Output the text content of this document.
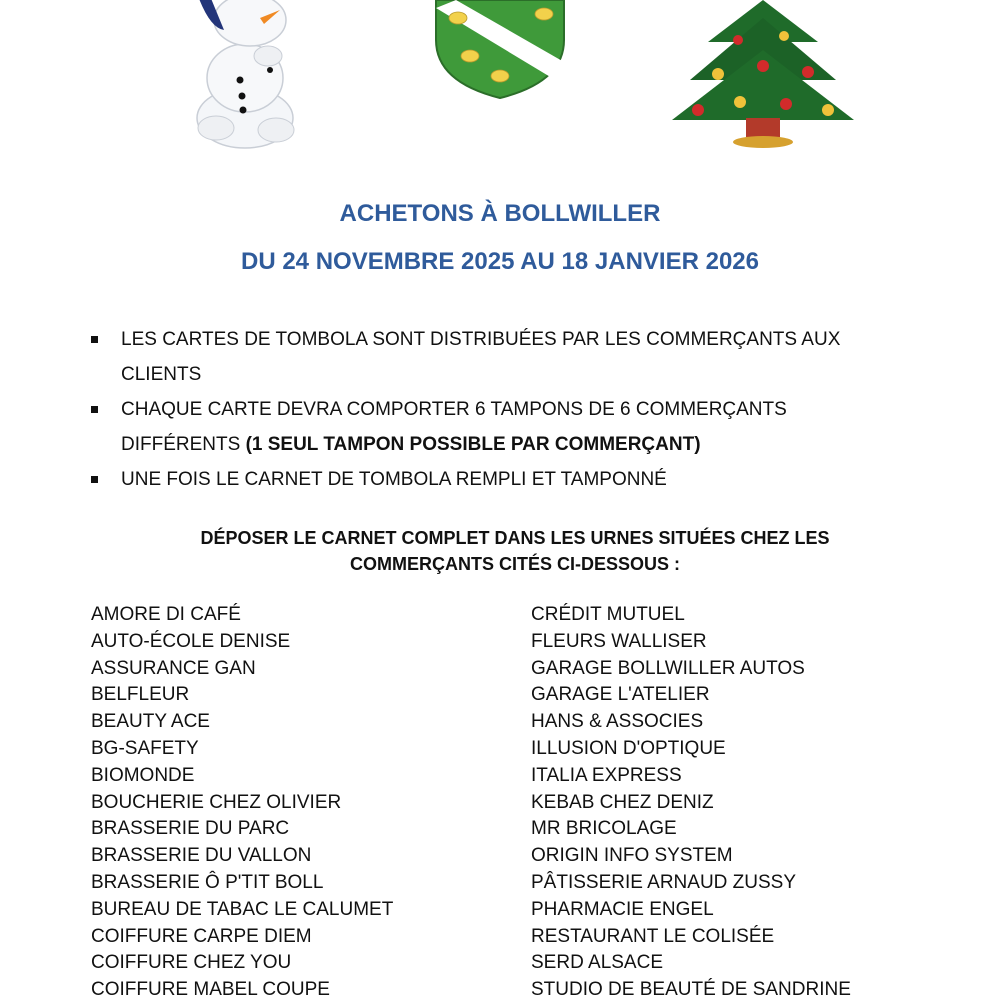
ACHETONS À BOLLWILLER
DU 24 NOVEMBRE 2025 AU 18 JANVIER 2026
LES CARTES DE TOMBOLA SONT DISTRIBUÉES PAR LES COMMERÇANTS AUX CLIENTS
CHAQUE CARTE DEVRA COMPORTER 6 TAMPONS DE 6 COMMERÇANTS DIFFÉRENTS (1 SEUL TAMPON POSSIBLE PAR COMMERÇANT)
UNE FOIS LE CARNET DE TOMBOLA REMPLI ET TAMPONNÉ

DÉPOSER LE CARNET COMPLET DANS LES URNES SITUÉES CHEZ LES
COMMERÇANTS CITÉS CI-DESSOUS :

AMORE DI CAFÉ
AUTO-ÉCOLE DENISE
ASSURANCE GAN
BELFLEUR
BEAUTY ACE
BG-SAFETY
BIOMONDE
BOUCHERIE CHEZ OLIVIER
BRASSERIE DU PARC
BRASSERIE DU VALLON
BRASSERIE Ô P'TIT BOLL
BUREAU DE TABAC LE CALUMET
COIFFURE CARPE DIEM
COIFFURE CHEZ YOU
COIFFURE MABEL COUPE
CRÉDIT MUTUEL
FLEURS WALLISER
GARAGE BOLLWILLER AUTOS
GARAGE L'ATELIER
HANS & ASSOCIES
ILLUSION D'OPTIQUE
ITALIA EXPRESS
KEBAB CHEZ DENIZ
MR BRICOLAGE
ORIGIN INFO SYSTEM
PÂTISSERIE ARNAUD ZUSSY
PHARMACIE ENGEL
RESTAURANT LE COLISÉE
SERD ALSACE
STUDIO DE BEAUTÉ DE SANDRINE
